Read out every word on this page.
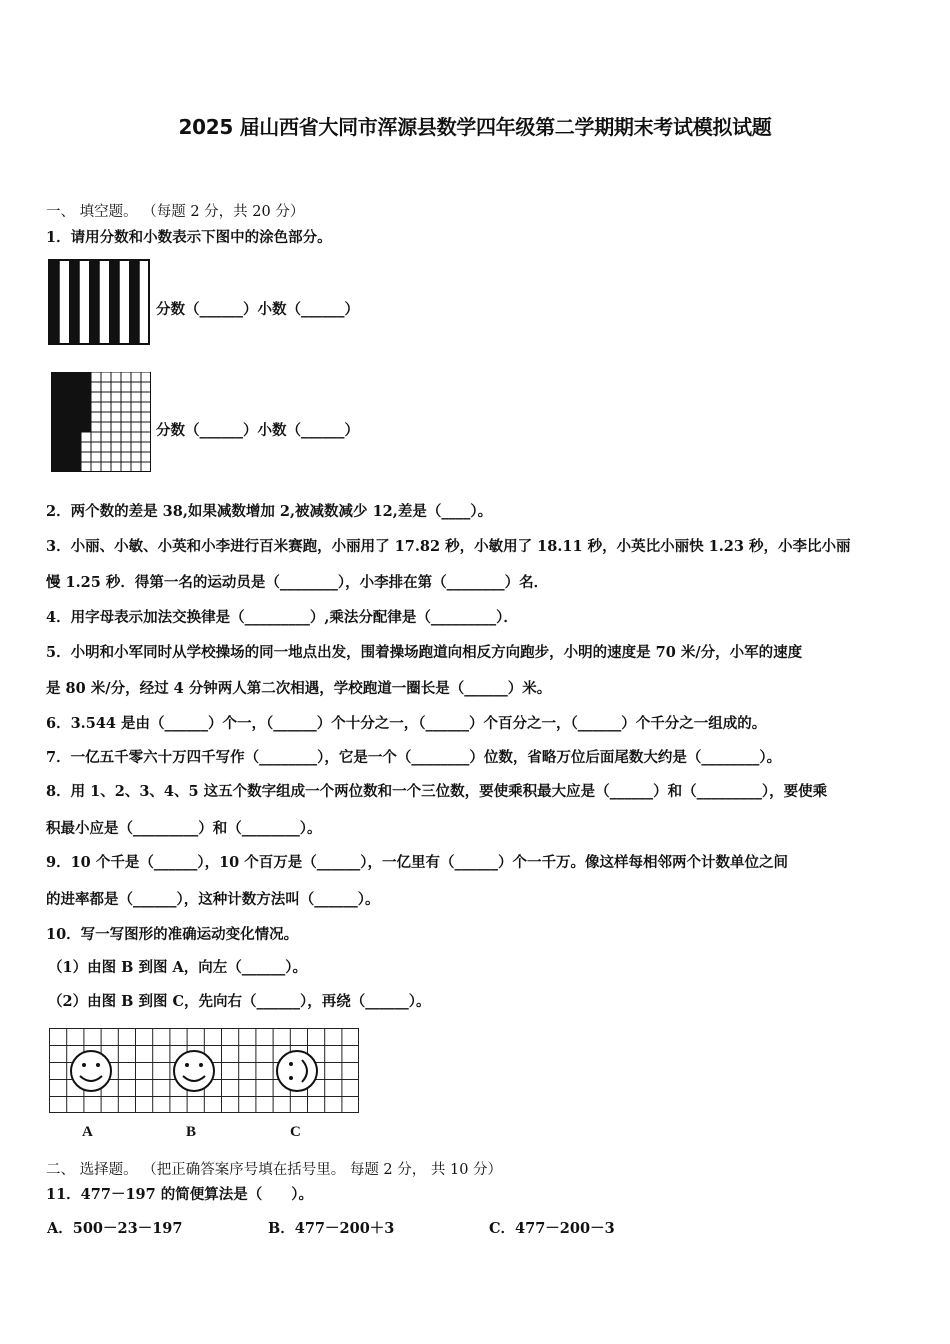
2025 届山西省大同市浑源县数学四年级第二学期期末考试模拟试题
一、 填空题。 （每题 2 分，共 20 分）
1．请用分数和小数表示下图中的涂色部分。
分数（______）小数（______）
分数（______）小数（______）
2．两个数的差是 38,如果减数增加 2,被减数减少 12,差是（____）。
3．小丽、小敏、小英和小李进行百米赛跑，小丽用了 17.82 秒，小敏用了 18.11 秒，小英比小丽快 1.23 秒，小李比小丽
慢 1.25 秒．得第一名的运动员是（________），小李排在第（________）名．
4．用字母表示加法交换律是（_________）,乘法分配律是（_________）．
5．小明和小军同时从学校操场的同一地点出发，围着操场跑道向相反方向跑步，小明的速度是 70 米/分，小军的速度
是 80 米/分，经过 4 分钟两人第二次相遇，学校跑道一圈长是（______）米。
6．3.544 是由（______）个一，（______）个十分之一，（______）个百分之一，（______）个千分之一组成的。
7．一亿五千零六十万四千写作（________），它是一个（________）位数，省略万位后面尾数大约是（________）。
8．用 1、2、3、4、5 这五个数字组成一个两位数和一个三位数，要使乘积最大应是（______）和（_________），要使乘
积最小应是（_________）和（________）。
9．10 个千是（______），10 个百万是（______），一亿里有（______）个一千万。像这样每相邻两个计数单位之间
的进率都是（______），这种计数方法叫（______）。
10．写一写图形的准确运动变化情况。
（1）由图 B 到图 A，向左（______）。
（2）由图 B 到图 C，先向右（______），再绕（______）。
A	B	C
二、 选择题。 （把正确答案序号填在括号里。 每题 2 分， 共 10 分）
11．477－197 的简便算法是（　　）。
A．500－23－197	B．477－200＋3	C．477－200－3
